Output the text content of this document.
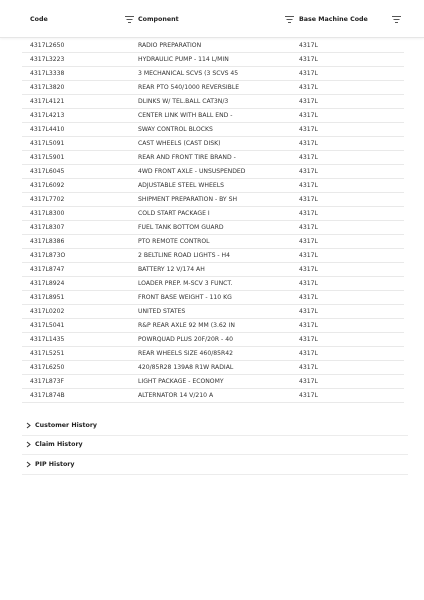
Code	Component	Base Machine Code
4317L2650	RADIO PREPARATION	4317L
4317L3223	HYDRAULIC PUMP - 114 L/MIN	4317L
4317L3338	3 MECHANICAL SCVS (3 SCVS 45	4317L
4317L3820	REAR PTO 540/1000 REVERSIBLE	4317L
4317L4121	DLINKS W/ TEL.BALL CAT3N/3	4317L
4317L4213	CENTER LINK WITH BALL END -	4317L
4317L4410	SWAY CONTROL BLOCKS	4317L
4317L5091	CAST WHEELS (CAST DISK)	4317L
4317L5901	REAR AND FRONT TIRE BRAND -	4317L
4317L6045	4WD FRONT AXLE - UNSUSPENDED	4317L
4317L6092	ADJUSTABLE STEEL WHEELS	4317L
4317L7702	SHIPMENT PREPARATION - BY SH	4317L
4317L8300	COLD START PACKAGE I	4317L
4317L8307	FUEL TANK BOTTOM GUARD	4317L
4317L8386	PTO REMOTE CONTROL	4317L
4317L873O	2 BELTLINE ROAD LIGHTS - H4	4317L
4317L8747	BATTERY 12 V/174 AH	4317L
4317L8924	LOADER PREP. M-SCV 3 FUNCT.	4317L
4317L8951	FRONT BASE WEIGHT - 110 KG	4317L
4317L0202	UNITED STATES	4317L
4317L5041	R&P REAR AXLE 92 MM (3.62 IN	4317L
4317L1435	POWRQUAD PLUS 20F/20R - 40	4317L
4317L5251	REAR WHEELS SIZE 460/85R42	4317L
4317L6250	420/85R28 139A8 R1W RADIAL	4317L
4317L873F	LIGHT PACKAGE - ECONOMY	4317L
4317L874B	ALTERNATOR 14 V/210 A	4317L
Customer History
Claim History
PIP History
